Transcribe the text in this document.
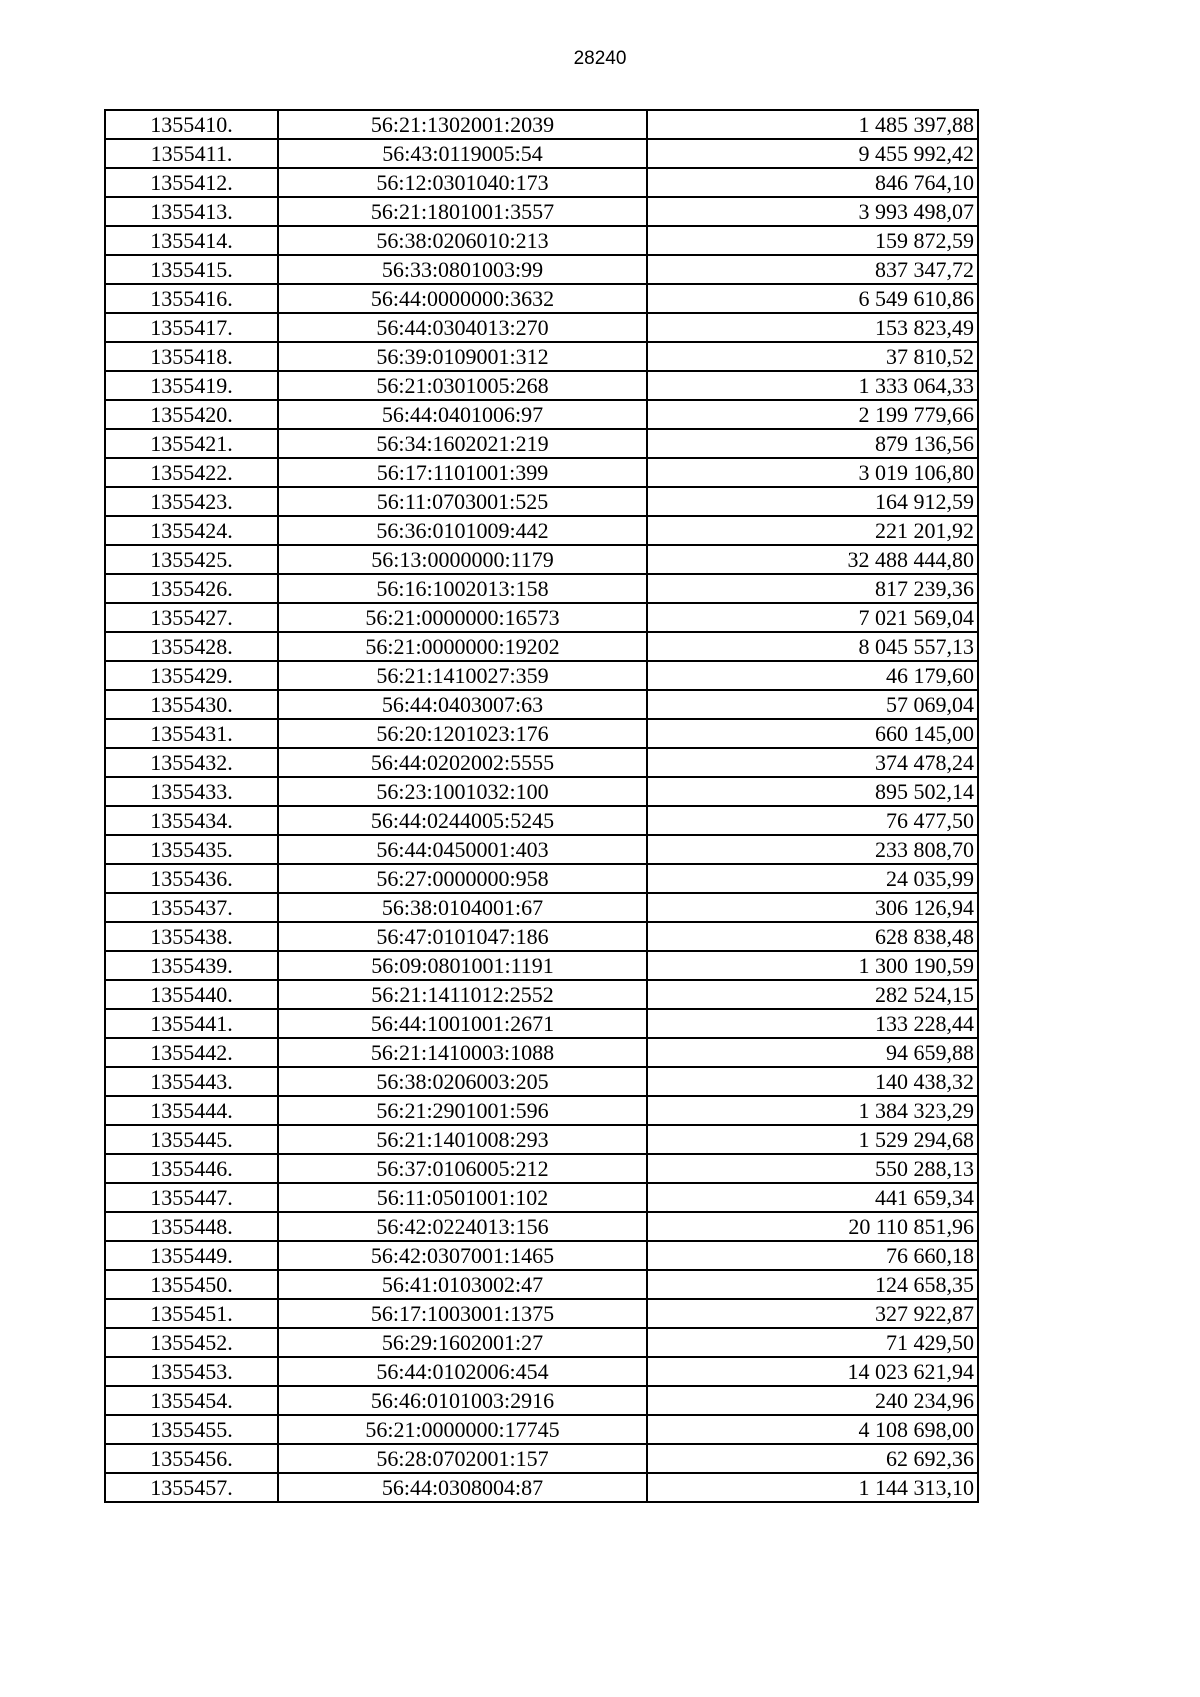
28240
1355410.	56:21:1302001:2039	1 485 397,88
1355411.	56:43:0119005:54	9 455 992,42
1355412.	56:12:0301040:173	846 764,10
1355413.	56:21:1801001:3557	3 993 498,07
1355414.	56:38:0206010:213	159 872,59
1355415.	56:33:0801003:99	837 347,72
1355416.	56:44:0000000:3632	6 549 610,86
1355417.	56:44:0304013:270	153 823,49
1355418.	56:39:0109001:312	37 810,52
1355419.	56:21:0301005:268	1 333 064,33
1355420.	56:44:0401006:97	2 199 779,66
1355421.	56:34:1602021:219	879 136,56
1355422.	56:17:1101001:399	3 019 106,80
1355423.	56:11:0703001:525	164 912,59
1355424.	56:36:0101009:442	221 201,92
1355425.	56:13:0000000:1179	32 488 444,80
1355426.	56:16:1002013:158	817 239,36
1355427.	56:21:0000000:16573	7 021 569,04
1355428.	56:21:0000000:19202	8 045 557,13
1355429.	56:21:1410027:359	46 179,60
1355430.	56:44:0403007:63	57 069,04
1355431.	56:20:1201023:176	660 145,00
1355432.	56:44:0202002:5555	374 478,24
1355433.	56:23:1001032:100	895 502,14
1355434.	56:44:0244005:5245	76 477,50
1355435.	56:44:0450001:403	233 808,70
1355436.	56:27:0000000:958	24 035,99
1355437.	56:38:0104001:67	306 126,94
1355438.	56:47:0101047:186	628 838,48
1355439.	56:09:0801001:1191	1 300 190,59
1355440.	56:21:1411012:2552	282 524,15
1355441.	56:44:1001001:2671	133 228,44
1355442.	56:21:1410003:1088	94 659,88
1355443.	56:38:0206003:205	140 438,32
1355444.	56:21:2901001:596	1 384 323,29
1355445.	56:21:1401008:293	1 529 294,68
1355446.	56:37:0106005:212	550 288,13
1355447.	56:11:0501001:102	441 659,34
1355448.	56:42:0224013:156	20 110 851,96
1355449.	56:42:0307001:1465	76 660,18
1355450.	56:41:0103002:47	124 658,35
1355451.	56:17:1003001:1375	327 922,87
1355452.	56:29:1602001:27	71 429,50
1355453.	56:44:0102006:454	14 023 621,94
1355454.	56:46:0101003:2916	240 234,96
1355455.	56:21:0000000:17745	4 108 698,00
1355456.	56:28:0702001:157	62 692,36
1355457.	56:44:0308004:87	1 144 313,10
